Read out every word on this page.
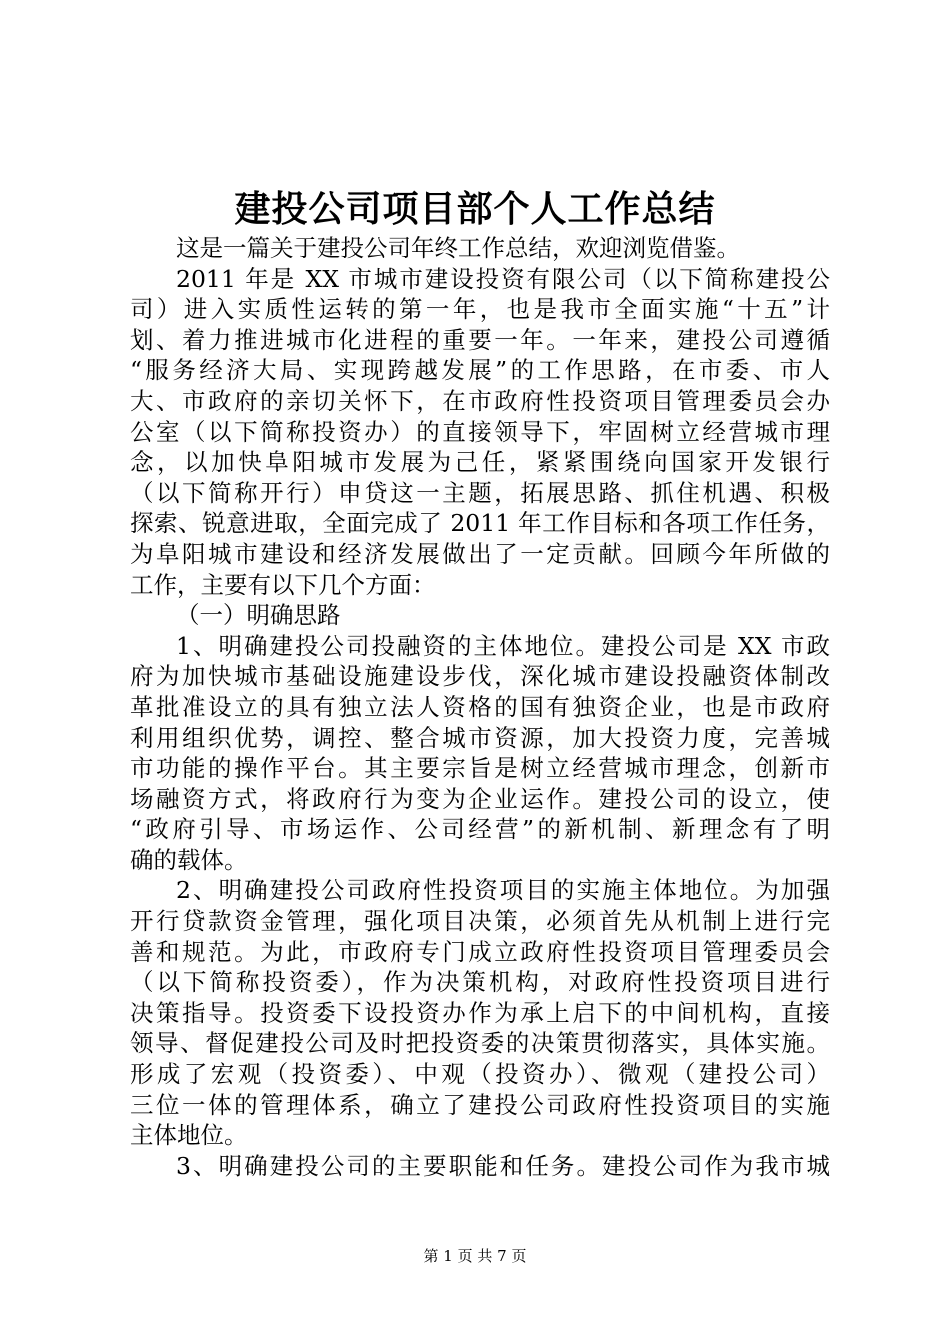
建投公司项目部个人工作总结
这是一篇关于建投公司年终工作总结，欢迎浏览借鉴。
2011 年是 XX 市城市建设投资有限公司（以下简称建投公
司）进入实质性运转的第一年，也是我市全面实施“十五”计
划、着力推进城市化进程的重要一年。一年来，建投公司遵循
“服务经济大局、实现跨越发展”的工作思路，在市委、市人
大、市政府的亲切关怀下，在市政府性投资项目管理委员会办
公室（以下简称投资办）的直接领导下，牢固树立经营城市理
念，以加快阜阳城市发展为己任，紧紧围绕向国家开发银行
（以下简称开行）申贷这一主题，拓展思路、抓住机遇、积极
探索、锐意进取，全面完成了 2011 年工作目标和各项工作任务，
为阜阳城市建设和经济发展做出了一定贡献。回顾今年所做的
工作，主要有以下几个方面：
（一）明确思路
1、明确建投公司投融资的主体地位。建投公司是 XX 市政
府为加快城市基础设施建设步伐，深化城市建设投融资体制改
革批准设立的具有独立法人资格的国有独资企业，也是市政府
利用组织优势，调控、整合城市资源，加大投资力度，完善城
市功能的操作平台。其主要宗旨是树立经营城市理念，创新市
场融资方式，将政府行为变为企业运作。建投公司的设立，使
“政府引导、市场运作、公司经营”的新机制、新理念有了明
确的载体。
2、明确建投公司政府性投资项目的实施主体地位。为加强
开行贷款资金管理，强化项目决策，必须首先从机制上进行完
善和规范。为此，市政府专门成立政府性投资项目管理委员会
（以下简称投资委），作为决策机构，对政府性投资项目进行
决策指导。投资委下设投资办作为承上启下的中间机构，直接
领导、督促建投公司及时把投资委的决策贯彻落实，具体实施。
形成了宏观（投资委）、中观（投资办）、微观（建投公司）
三位一体的管理体系，确立了建投公司政府性投资项目的实施
主体地位。
3、明确建投公司的主要职能和任务。建投公司作为我市城
第 1 页 共 7 页
